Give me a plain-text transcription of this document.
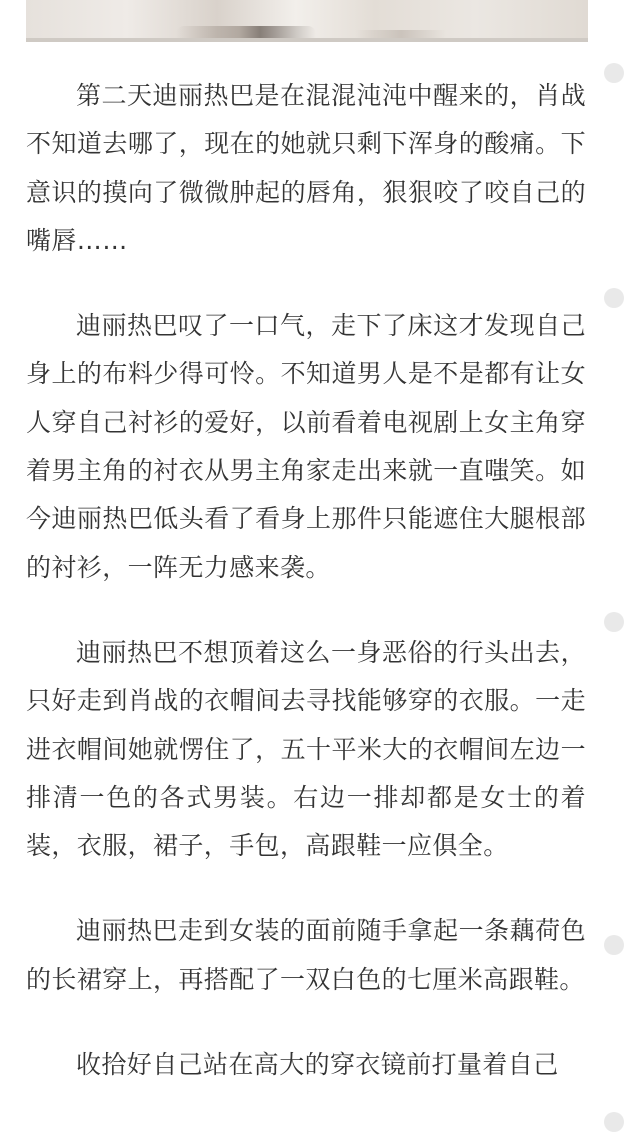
第二天迪丽热巴是在混混沌沌中醒来的，肖战不知道去哪了，现在的她就只剩下浑身的酸痛。下意识的摸向了微微肿起的唇角，狠狠咬了咬自己的嘴唇……

迪丽热巴叹了一口气，走下了床这才发现自己身上的布料少得可怜。不知道男人是不是都有让女人穿自己衬衫的爱好，以前看着电视剧上女主角穿着男主角的衬衣从男主角家走出来就一直嗤笑。如今迪丽热巴低头看了看身上那件只能遮住大腿根部的衬衫，一阵无力感来袭。

迪丽热巴不想顶着这么一身恶俗的行头出去，只好走到肖战的衣帽间去寻找能够穿的衣服。一走进衣帽间她就愣住了，五十平米大的衣帽间左边一排清一色的各式男装。右边一排却都是女士的着装，衣服，裙子，手包，高跟鞋一应俱全。

迪丽热巴走到女装的面前随手拿起一条藕荷色的长裙穿上，再搭配了一双白色的七厘米高跟鞋。

收拾好自己站在高大的穿衣镜前打量着自己
